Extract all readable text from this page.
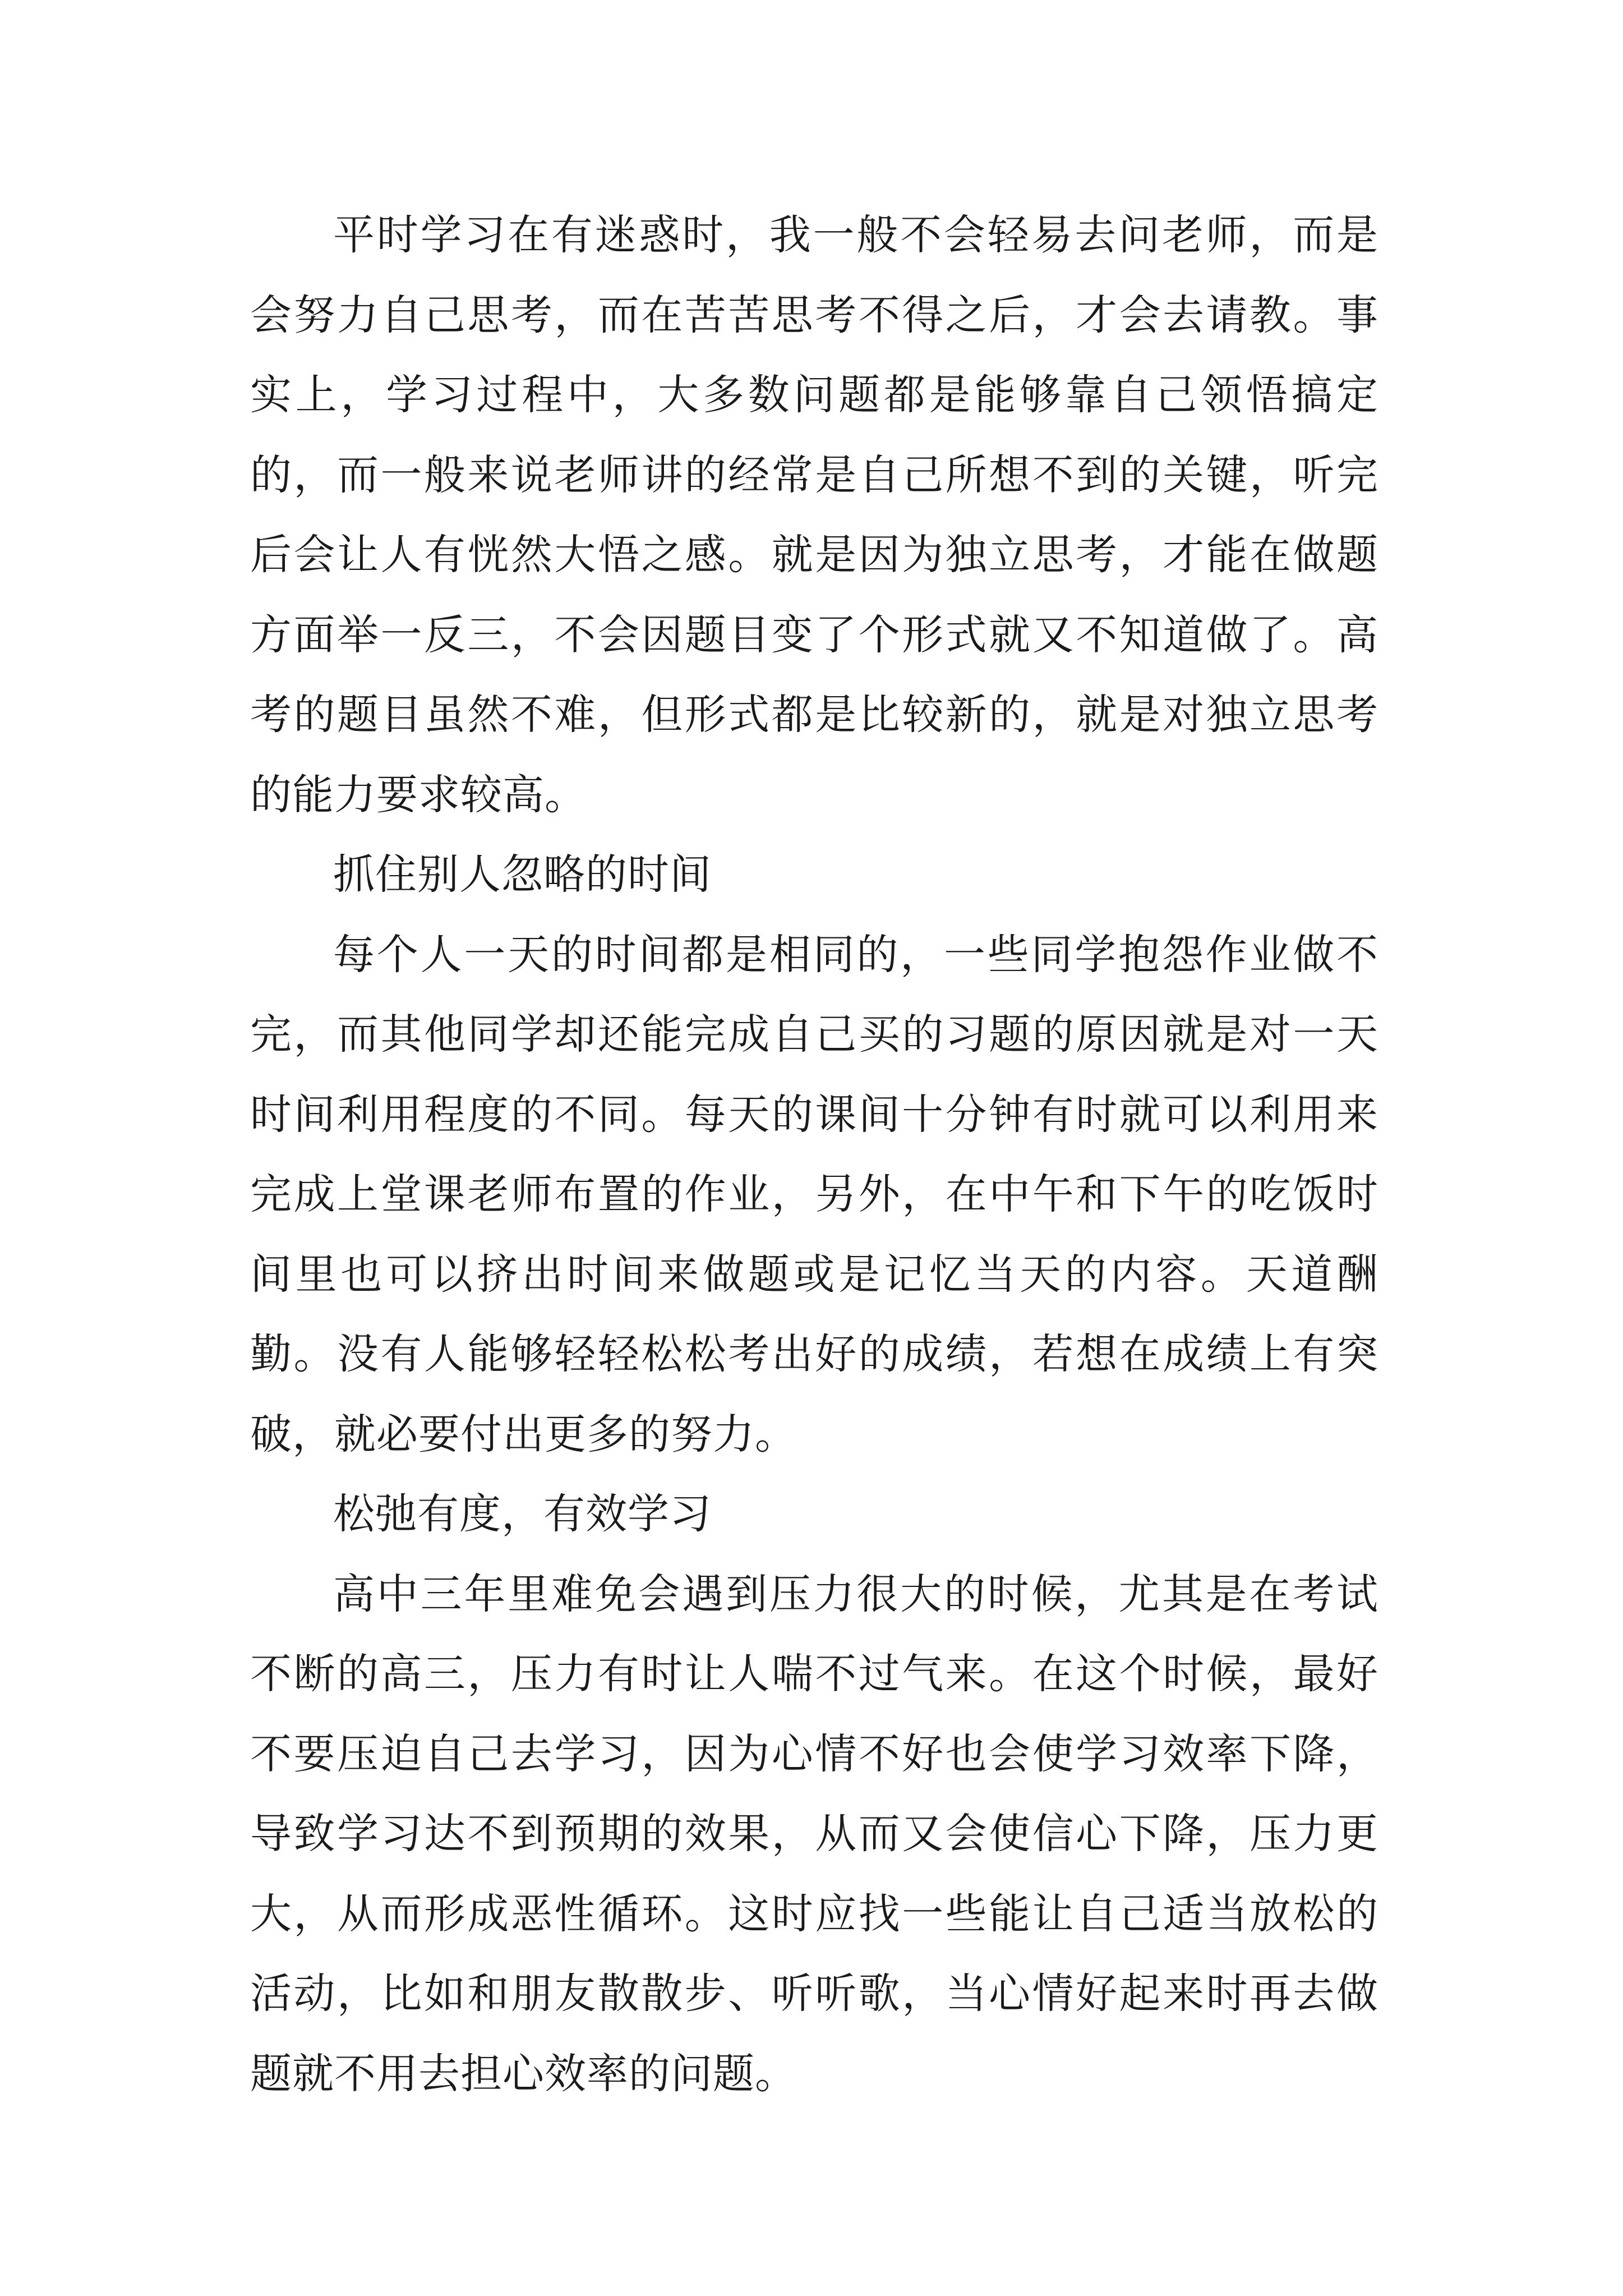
平时学习在有迷惑时，我一般不会轻易去问老师，而是会努力自己思考，而在苦苦思考不得之后，才会去请教。事实上，学习过程中，大多数问题都是能够靠自己领悟搞定的，而一般来说老师讲的经常是自己所想不到的关键，听完后会让人有恍然大悟之感。就是因为独立思考，才能在做题方面举一反三，不会因题目变了个形式就又不知道做了。高考的题目虽然不难，但形式都是比较新的，就是对独立思考的能力要求较高。

抓住别人忽略的时间

每个人一天的时间都是相同的，一些同学抱怨作业做不完，而其他同学却还能完成自己买的习题的原因就是对一天时间利用程度的不同。每天的课间十分钟有时就可以利用来完成上堂课老师布置的作业，另外，在中午和下午的吃饭时间里也可以挤出时间来做题或是记忆当天的内容。天道酬勤。没有人能够轻轻松松考出好的成绩，若想在成绩上有突破，就必要付出更多的努力。

松弛有度，有效学习

高中三年里难免会遇到压力很大的时候，尤其是在考试不断的高三，压力有时让人喘不过气来。在这个时候，最好不要压迫自己去学习，因为心情不好也会使学习效率下降，导致学习达不到预期的效果，从而又会使信心下降，压力更大，从而形成恶性循环。这时应找一些能让自己适当放松的活动，比如和朋友散散步、听听歌，当心情好起来时再去做题就不用去担心效率的问题。
